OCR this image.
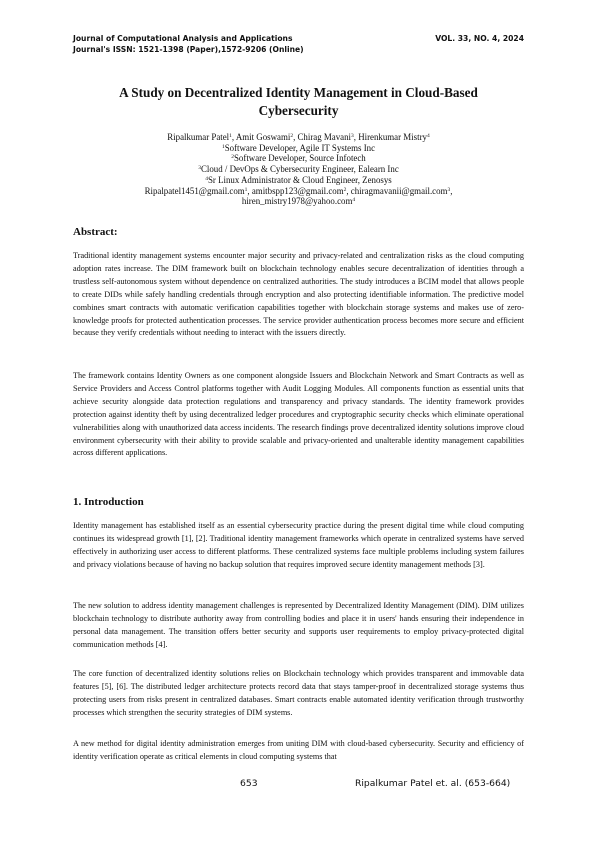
Journal of Computational Analysis and Applications
Journal's ISSN: 1521-1398 (Paper),1572-9206 (Online)
VOL. 33, NO. 4, 2024
A Study on Decentralized Identity Management in Cloud-Based
Cybersecurity
Ripalkumar Patel$^1$, Amit Goswami$^2$, Chirag Mavani$^3$, Hirenkumar Mistry$^4$
$^1$Software Developer, Agile IT Systems Inc
$^2$Software Developer, Source Infotech
$^3$Cloud / DevOps & Cybersecurity Engineer, Ealearn Inc
$^4$Sr Linux Administrator & Cloud Engineer, Zenosys
Ripalpatel1451@gmail.com$^1$, amitbspp123@gmail.com$^2$, chiragmavanii@gmail.com$^3$,
hiren_mistry1978@yahoo.com$^4$
Abstract:

Traditional identity management systems encounter major security and privacy-related and centralization risks as the cloud computing adoption rates increase. The DIM framework built on blockchain technology enables secure decentralization of identities through a trustless self-autonomous system without dependence on centralized authorities. The study introduces a BCIM model that allows people to create DIDs while safely handling credentials through encryption and also protecting identifiable information. The predictive model combines smart contracts with automatic verification capabilities together with blockchain storage systems and makes use of zero-knowledge proofs for protected authentication processes. The service provider authentication process becomes more secure and efficient because they verify credentials without needing to interact with the issuers directly.

The framework contains Identity Owners as one component alongside Issuers and Blockchain Network and Smart Contracts as well as Service Providers and Access Control platforms together with Audit Logging Modules. All components function as essential units that achieve security alongside data protection regulations and transparency and privacy standards. The identity framework provides protection against identity theft by using decentralized ledger procedures and cryptographic security checks which eliminate operational vulnerabilities along with unauthorized data access incidents. The research findings prove decentralized identity solutions improve cloud environment cybersecurity with their ability to provide scalable and privacy-oriented and unalterable identity management capabilities across different applications.

1. Introduction

Identity management has established itself as an essential cybersecurity practice during the present digital time while cloud computing continues its widespread growth [1], [2]. Traditional identity management frameworks which operate in centralized systems have served effectively in authorizing user access to different platforms. These centralized systems face multiple problems including system failures and privacy violations because of having no backup solution that requires improved secure identity management methods [3].

The new solution to address identity management challenges is represented by Decentralized Identity Management (DIM). DIM utilizes blockchain technology to distribute authority away from controlling bodies and place it in users' hands ensuring their independence in personal data management. The transition offers better security and supports user requirements to employ privacy-protected digital communication methods [4].

The core function of decentralized identity solutions relies on Blockchain technology which provides transparent and immovable data features [5], [6]. The distributed ledger architecture protects record data that stays tamper-proof in decentralized storage systems thus protecting users from risks present in centralized databases. Smart contracts enable automated identity verification through trustworthy processes which strengthen the security strategies of DIM systems.

A new method for digital identity administration emerges from uniting DIM with cloud-based cybersecurity. Security and efficiency of identity verification operate as critical elements in cloud computing systems that

653	Ripalkumar Patel et. al. (653-664)
